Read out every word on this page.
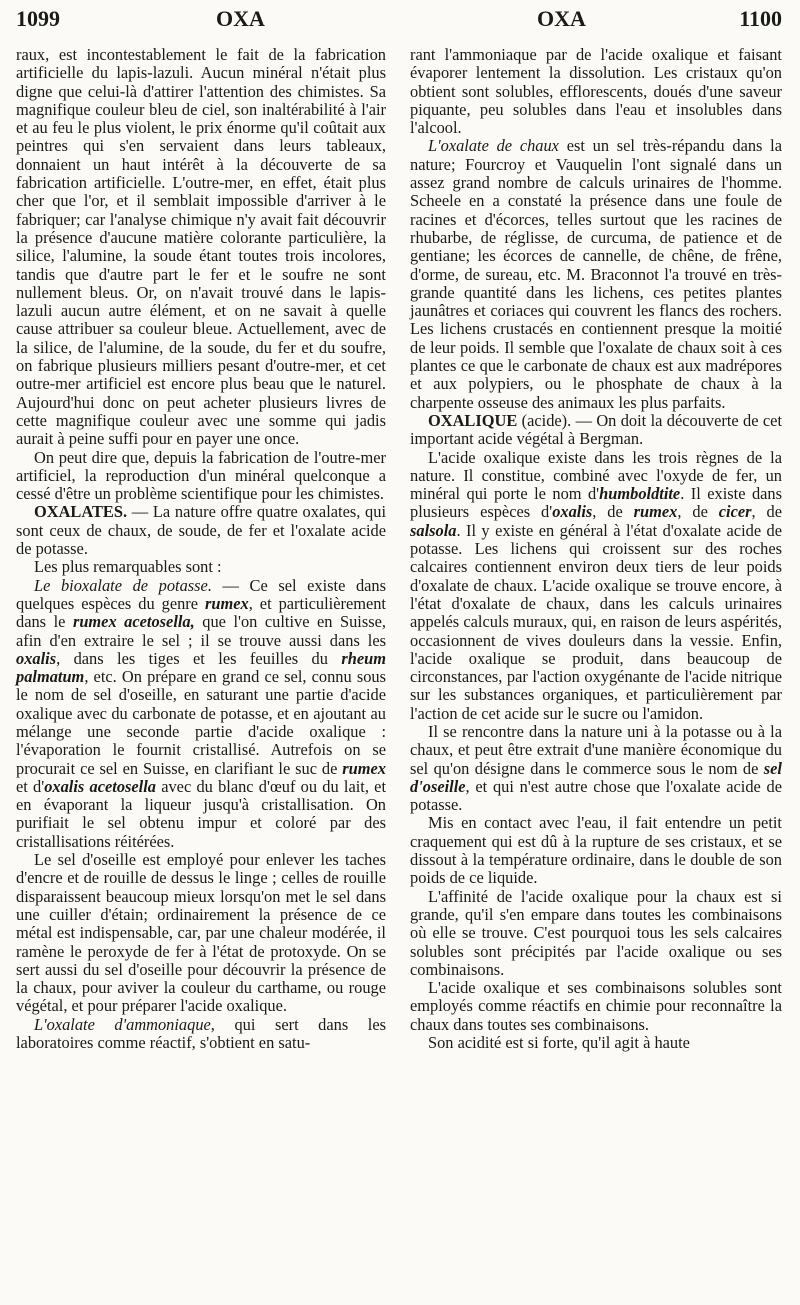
1099	OXA	OXA	1100

raux, est incontestablement le fait de la fabrication artificielle du lapis-lazuli. Aucun minéral n'était plus digne que celui-là d'attirer l'attention des chimistes. Sa magnifique couleur bleu de ciel, son inaltérabilité à l'air et au feu le plus violent, le prix énorme qu'il coûtait aux peintres qui s'en servaient dans leurs tableaux, donnaient un haut intérêt à la découverte de sa fabrication artificielle. L'outre-mer, en effet, était plus cher que l'or, et il semblait impossible d'arriver à le fabriquer; car l'analyse chimique n'y avait fait découvrir la présence d'aucune matière colorante particulière, la silice, l'alumine, la soude étant toutes trois incolores, tandis que d'autre part le fer et le soufre ne sont nullement bleus. Or, on n'avait trouvé dans le lapis-lazuli aucun autre élément, et on ne savait à quelle cause attribuer sa couleur bleue. Actuellement, avec de la silice, de l'alumine, de la soude, du fer et du soufre, on fabrique plusieurs milliers pesant d'outre-mer, et cet outre-mer artificiel est encore plus beau que le naturel. Aujourd'hui donc on peut acheter plusieurs livres de cette magnifique couleur avec une somme qui jadis aurait à peine suffi pour en payer une once.

On peut dire que, depuis la fabrication de l'outre-mer artificiel, la reproduction d'un minéral quelconque a cessé d'être un problème scientifique pour les chimistes.

OXALATES. — La nature offre quatre oxalates, qui sont ceux de chaux, de soude, de fer et l'oxalate acide de potasse.

Les plus remarquables sont :

Le bioxalate de potasse. — Ce sel existe dans quelques espèces du genre rumex, et particulièrement dans le rumex acetosella, que l'on cultive en Suisse, afin d'en extraire le sel ; il se trouve aussi dans les oxalis, dans les tiges et les feuilles du rheum palmatum, etc. On prépare en grand ce sel, connu sous le nom de sel d'oseille, en saturant une partie d'acide oxalique avec du carbonate de potasse, et en ajoutant au mélange une seconde partie d'acide oxalique : l'évaporation le fournit cristallisé. Autrefois on se procurait ce sel en Suisse, en clarifiant le suc de rumex et d'oxalis acetosella avec du blanc d'œuf ou du lait, et en évaporant la liqueur jusqu'à cristallisation. On purifiait le sel obtenu impur et coloré par des cristallisations réitérées.

Le sel d'oseille est employé pour enlever les taches d'encre et de rouille de dessus le linge ; celles de rouille disparaissent beaucoup mieux lorsqu'on met le sel dans une cuiller d'étain; ordinairement la présence de ce métal est indispensable, car, par une chaleur modérée, il ramène le peroxyde de fer à l'état de protoxyde. On se sert aussi du sel d'oseille pour découvrir la présence de la chaux, pour aviver la couleur du carthame, ou rouge végétal, et pour préparer l'acide oxalique.

L'oxalate d'ammoniaque, qui sert dans les laboratoires comme réactif, s'obtient en satu-

rant l'ammoniaque par de l'acide oxalique et faisant évaporer lentement la dissolution. Les cristaux qu'on obtient sont solubles, efflorescents, doués d'une saveur piquante, peu solubles dans l'eau et insolubles dans l'alcool.

L'oxalate de chaux est un sel très-répandu dans la nature; Fourcroy et Vauquelin l'ont signalé dans un assez grand nombre de calculs urinaires de l'homme. Scheele en a constaté la présence dans une foule de racines et d'écorces, telles surtout que les racines de rhubarbe, de réglisse, de curcuma, de patience et de gentiane; les écorces de cannelle, de chêne, de frêne, d'orme, de sureau, etc. M. Braconnot l'a trouvé en très-grande quantité dans les lichens, ces petites plantes jaunâtres et coriaces qui couvrent les flancs des rochers. Les lichens crustacés en contiennent presque la moitié de leur poids. Il semble que l'oxalate de chaux soit à ces plantes ce que le carbonate de chaux est aux madrépores et aux polypiers, ou le phosphate de chaux à la charpente osseuse des animaux les plus parfaits.

OXALIQUE (acide). — On doit la découverte de cet important acide végétal à Bergman.

L'acide oxalique existe dans les trois règnes de la nature. Il constitue, combiné avec l'oxyde de fer, un minéral qui porte le nom d'humboldtite. Il existe dans plusieurs espèces d'oxalis, de rumex, de cicer, de salsola. Il y existe en général à l'état d'oxalate acide de potasse. Les lichens qui croissent sur des roches calcaires contiennent environ deux tiers de leur poids d'oxalate de chaux. L'acide oxalique se trouve encore, à l'état d'oxalate de chaux, dans les calculs urinaires appelés calculs muraux, qui, en raison de leurs aspérités, occasionnent de vives douleurs dans la vessie. Enfin, l'acide oxalique se produit, dans beaucoup de circonstances, par l'action oxygénante de l'acide nitrique sur les substances organiques, et particulièrement par l'action de cet acide sur le sucre ou l'amidon.

Il se rencontre dans la nature uni à la potasse ou à la chaux, et peut être extrait d'une manière économique du sel qu'on désigne dans le commerce sous le nom de sel d'oseille, et qui n'est autre chose que l'oxalate acide de potasse.

Mis en contact avec l'eau, il fait entendre un petit craquement qui est dû à la rupture de ses cristaux, et se dissout à la température ordinaire, dans le double de son poids de ce liquide.

L'affinité de l'acide oxalique pour la chaux est si grande, qu'il s'en empare dans toutes les combinaisons où elle se trouve. C'est pourquoi tous les sels calcaires solubles sont précipités par l'acide oxalique ou ses combinaisons.

L'acide oxalique et ses combinaisons solubles sont employés comme réactifs en chimie pour reconnaître la chaux dans toutes ses combinaisons.

Son acidité est si forte, qu'il agit à haute
